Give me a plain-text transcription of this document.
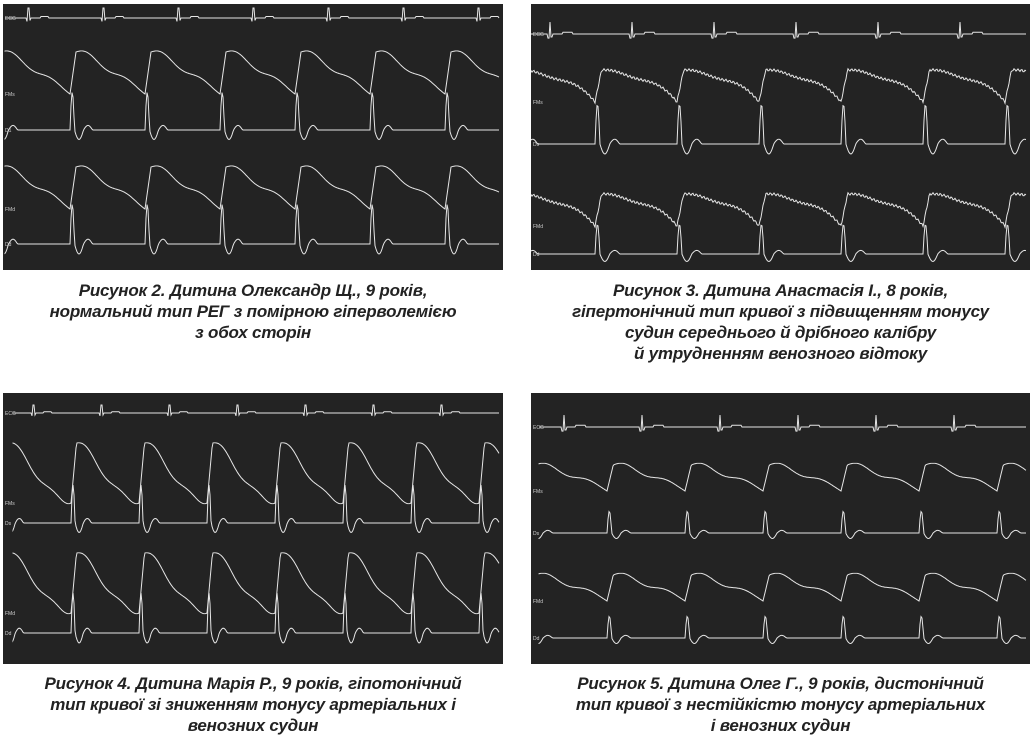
ECG
FMs
D1
FMd
Dd
Рисунок 2. Дитина Олександр Щ., 9 років,
нормальний тип РЕГ з помірною гіперволемією
з обох сторін
ECG
FMs
Ds
FMd
Dd
Рисунок 3. Дитина Анастасія І., 8 років,
гіпертонічний тип кривої з підвищенням тонусу
судин середнього й дрібного калібру
й утрудненням венозного відтоку
ECG
FMs
Ds
FMd
Dd
Рисунок 4. Дитина Марія Р., 9 років, гіпотонічний
тип кривої зі зниженням тонусу артеріальних і
венозних судин
ECG
FMs
Ds
FMd
Dd
Рисунок 5. Дитина Олег Г., 9 років, дистонічний
тип кривої з нестійкістю тонусу артеріальних
і венозних судин
